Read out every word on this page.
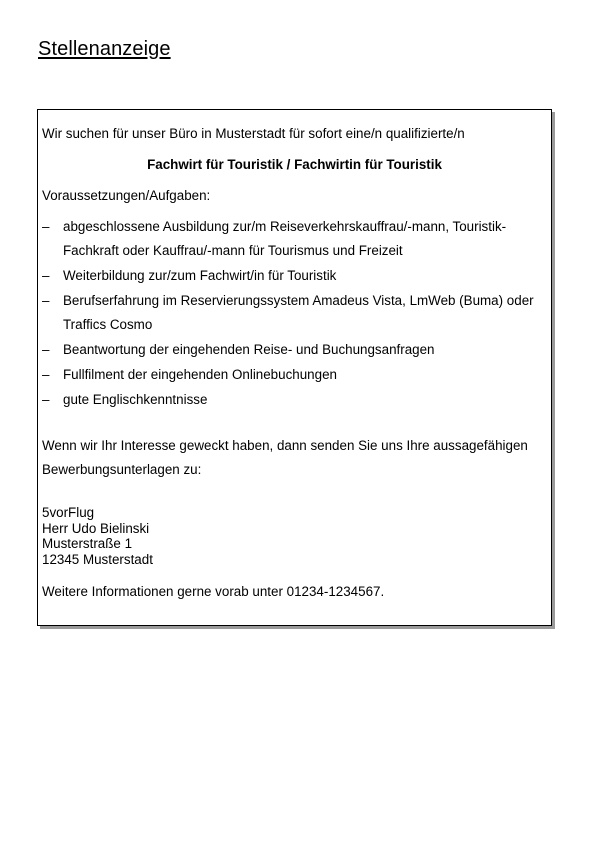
Stellenanzeige

Wir suchen für unser Büro in Musterstadt für sofort eine/n qualifizierte/n

Fachwirt für Touristik / Fachwirtin für Touristik

Voraussetzungen/Aufgaben:

– abgeschlossene Ausbildung zur/m Reiseverkehrskauffrau/-mann, Touristik-Fachkraft oder Kauffrau/-mann für Tourismus und Freizeit
– Weiterbildung zur/zum Fachwirt/in für Touristik
– Berufserfahrung im Reservierungssystem Amadeus Vista, LmWeb (Buma) oder Traffics Cosmo
– Beantwortung der eingehenden Reise- und Buchungsanfragen
– Fullfilment der eingehenden Onlinebuchungen
– gute Englischkenntnisse

Wenn wir Ihr Interesse geweckt haben, dann senden Sie uns Ihre aussagefähigen Bewerbungsunterlagen zu:

5vorFlug
Herr Udo Bielinski
Musterstraße 1
12345 Musterstadt

Weitere Informationen gerne vorab unter 01234-1234567.
